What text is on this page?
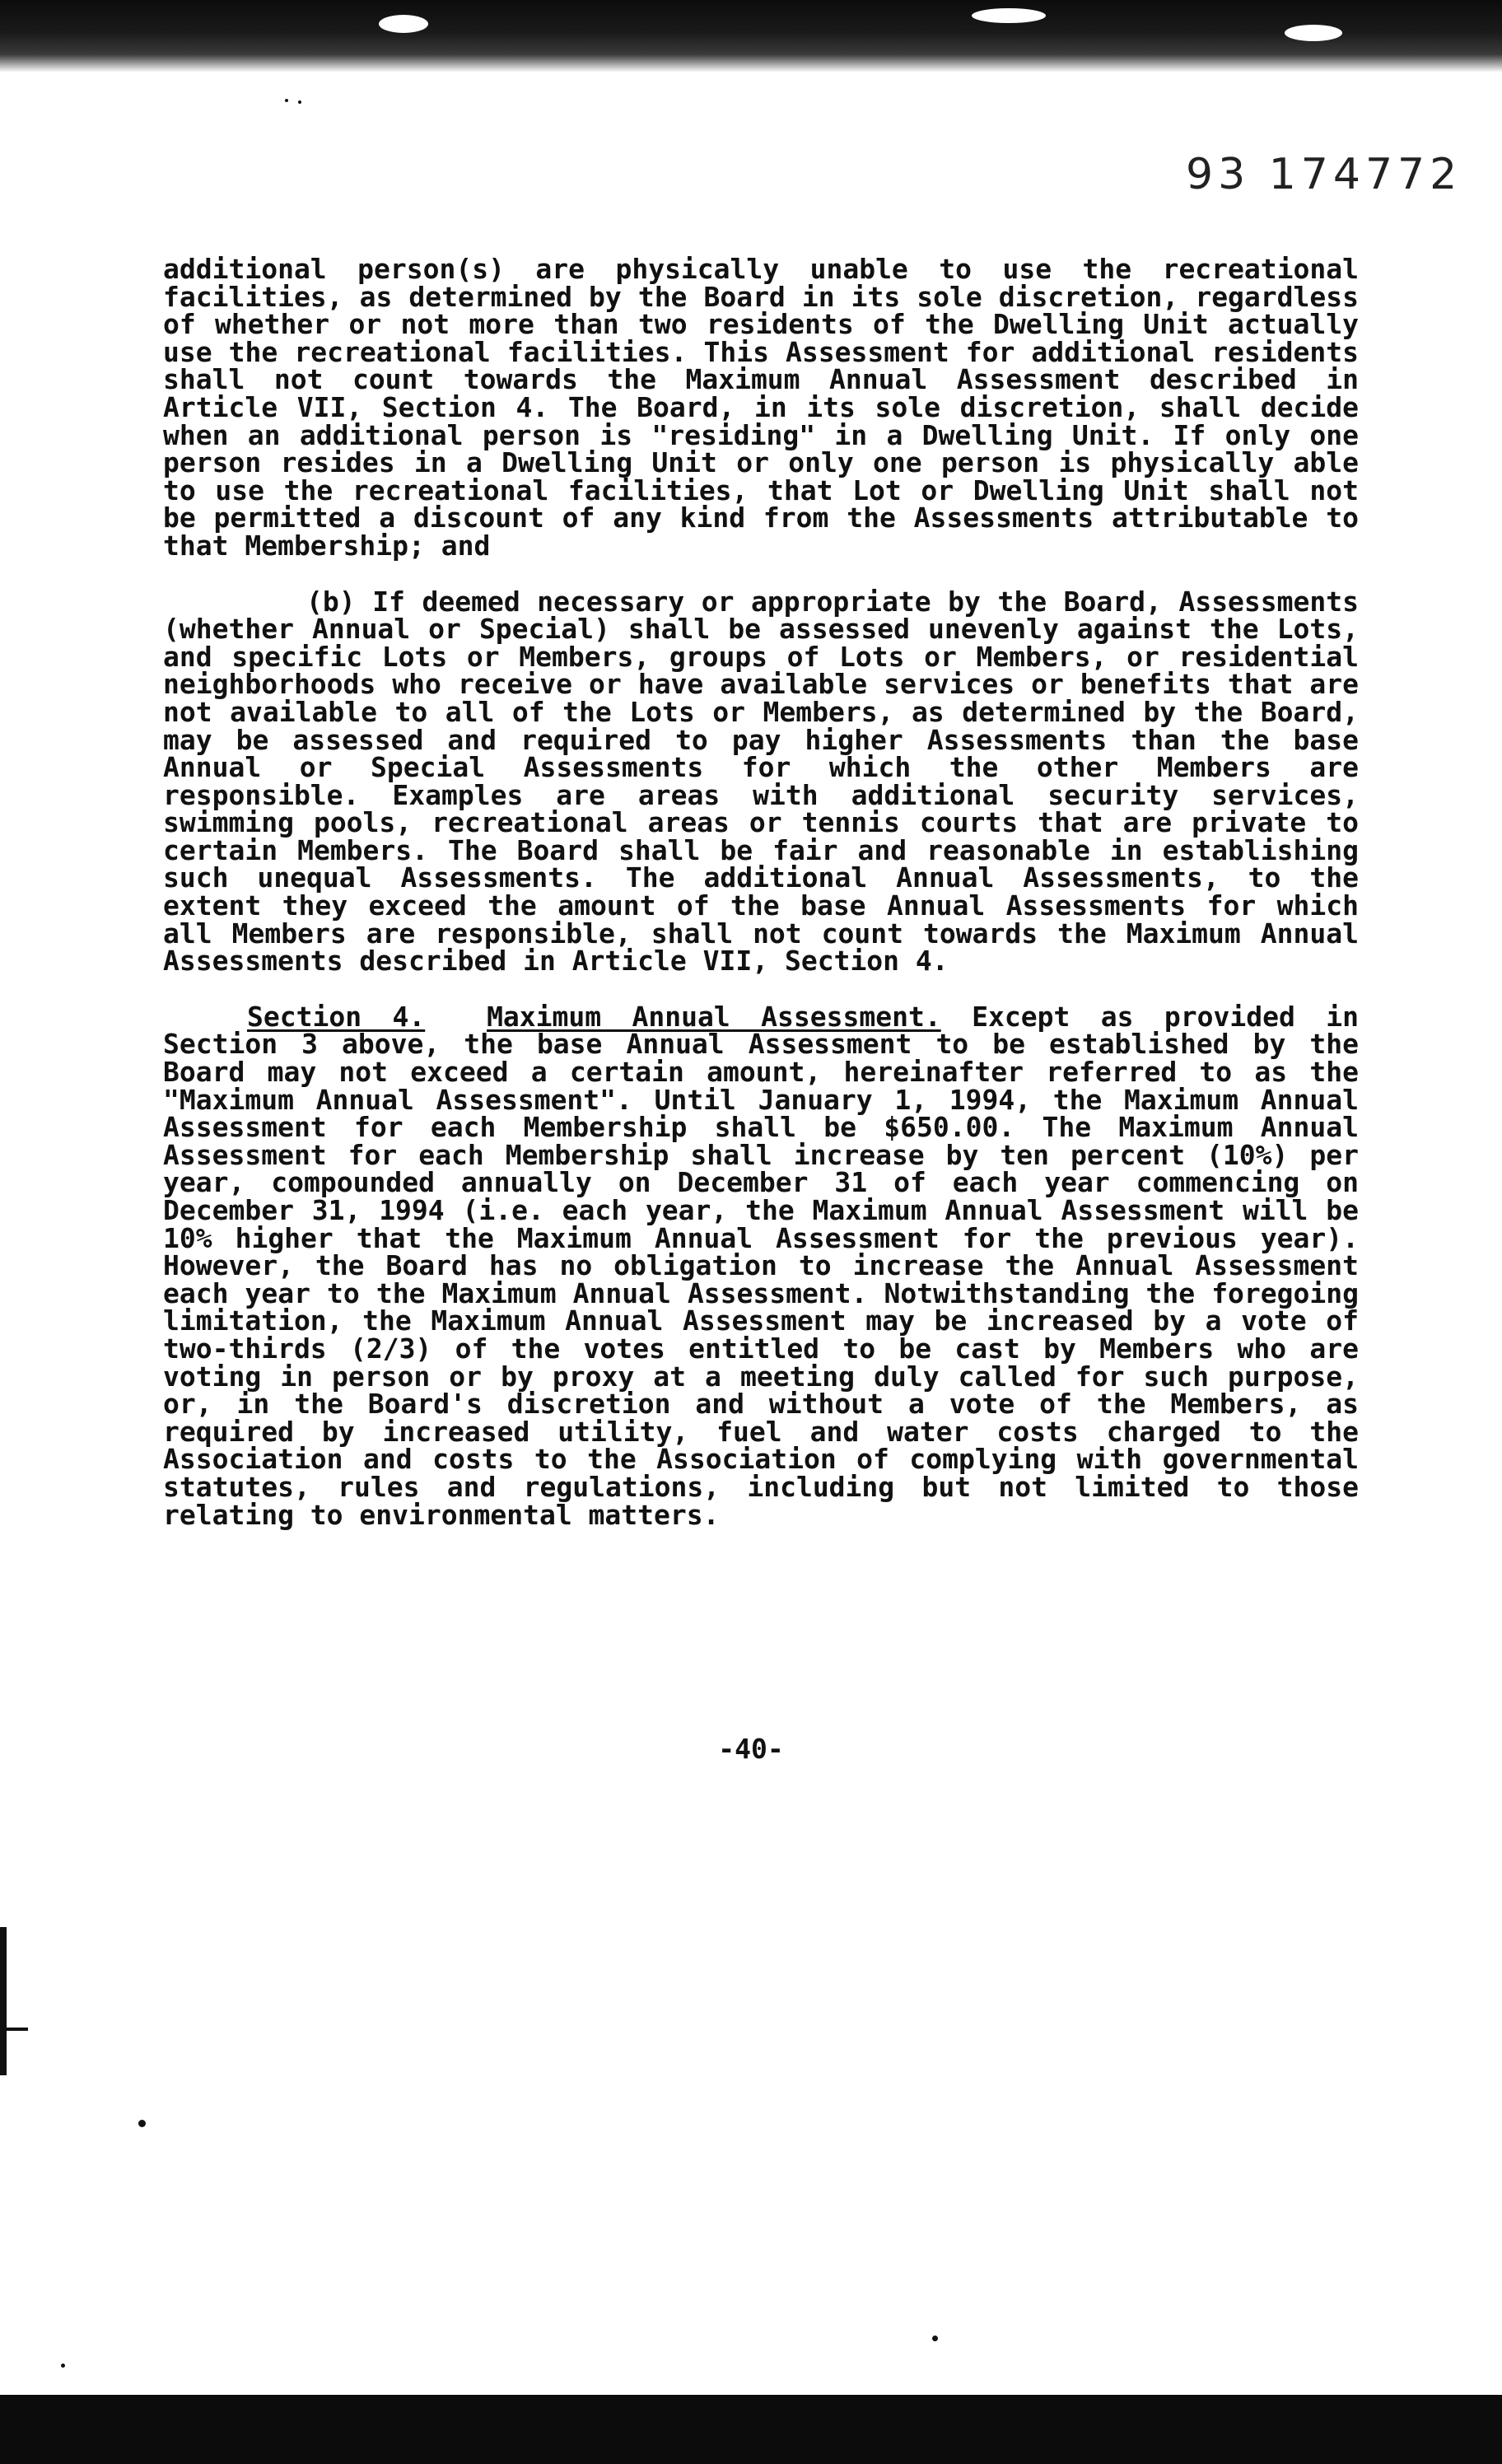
93 174772

additional person(s) are physically unable to use the recreational facilities, as determined by the Board in its sole discretion, regardless of whether or not more than two residents of the Dwelling Unit actually use the recreational facilities. This Assessment for additional residents shall not count towards the Maximum Annual Assessment described in Article VII, Section 4. The Board, in its sole discretion, shall decide when an additional person is "residing" in a Dwelling Unit. If only one person resides in a Dwelling Unit or only one person is physically able to use the recreational facilities, that Lot or Dwelling Unit shall not be permitted a discount of any kind from the Assessments attributable to that Membership; and

(b) If deemed necessary or appropriate by the Board, Assessments (whether Annual or Special) shall be assessed unevenly against the Lots, and specific Lots or Members, groups of Lots or Members, or residential neighborhoods who receive or have available services or benefits that are not available to all of the Lots or Members, as determined by the Board, may be assessed and required to pay higher Assessments than the base Annual or Special Assessments for which the other Members are responsible. Examples are areas with additional security services, swimming pools, recreational areas or tennis courts that are private to certain Members. The Board shall be fair and reasonable in establishing such unequal Assessments. The additional Annual Assessments, to the extent they exceed the amount of the base Annual Assessments for which all Members are responsible, shall not count towards the Maximum Annual Assessments described in Article VII, Section 4.

Section 4. Maximum Annual Assessment. Except as provided in Section 3 above, the base Annual Assessment to be established by the Board may not exceed a certain amount, hereinafter referred to as the "Maximum Annual Assessment". Until January 1, 1994, the Maximum Annual Assessment for each Membership shall be $650.00. The Maximum Annual Assessment for each Membership shall increase by ten percent (10%) per year, compounded annually on December 31 of each year commencing on December 31, 1994 (i.e. each year, the Maximum Annual Assessment will be 10% higher that the Maximum Annual Assessment for the previous year). However, the Board has no obligation to increase the Annual Assessment each year to the Maximum Annual Assessment. Notwithstanding the foregoing limitation, the Maximum Annual Assessment may be increased by a vote of two-thirds (2/3) of the votes entitled to be cast by Members who are voting in person or by proxy at a meeting duly called for such purpose, or, in the Board's discretion and without a vote of the Members, as required by increased utility, fuel and water costs charged to the Association and costs to the Association of complying with governmental statutes, rules and regulations, including but not limited to those relating to environmental matters.

-40-
